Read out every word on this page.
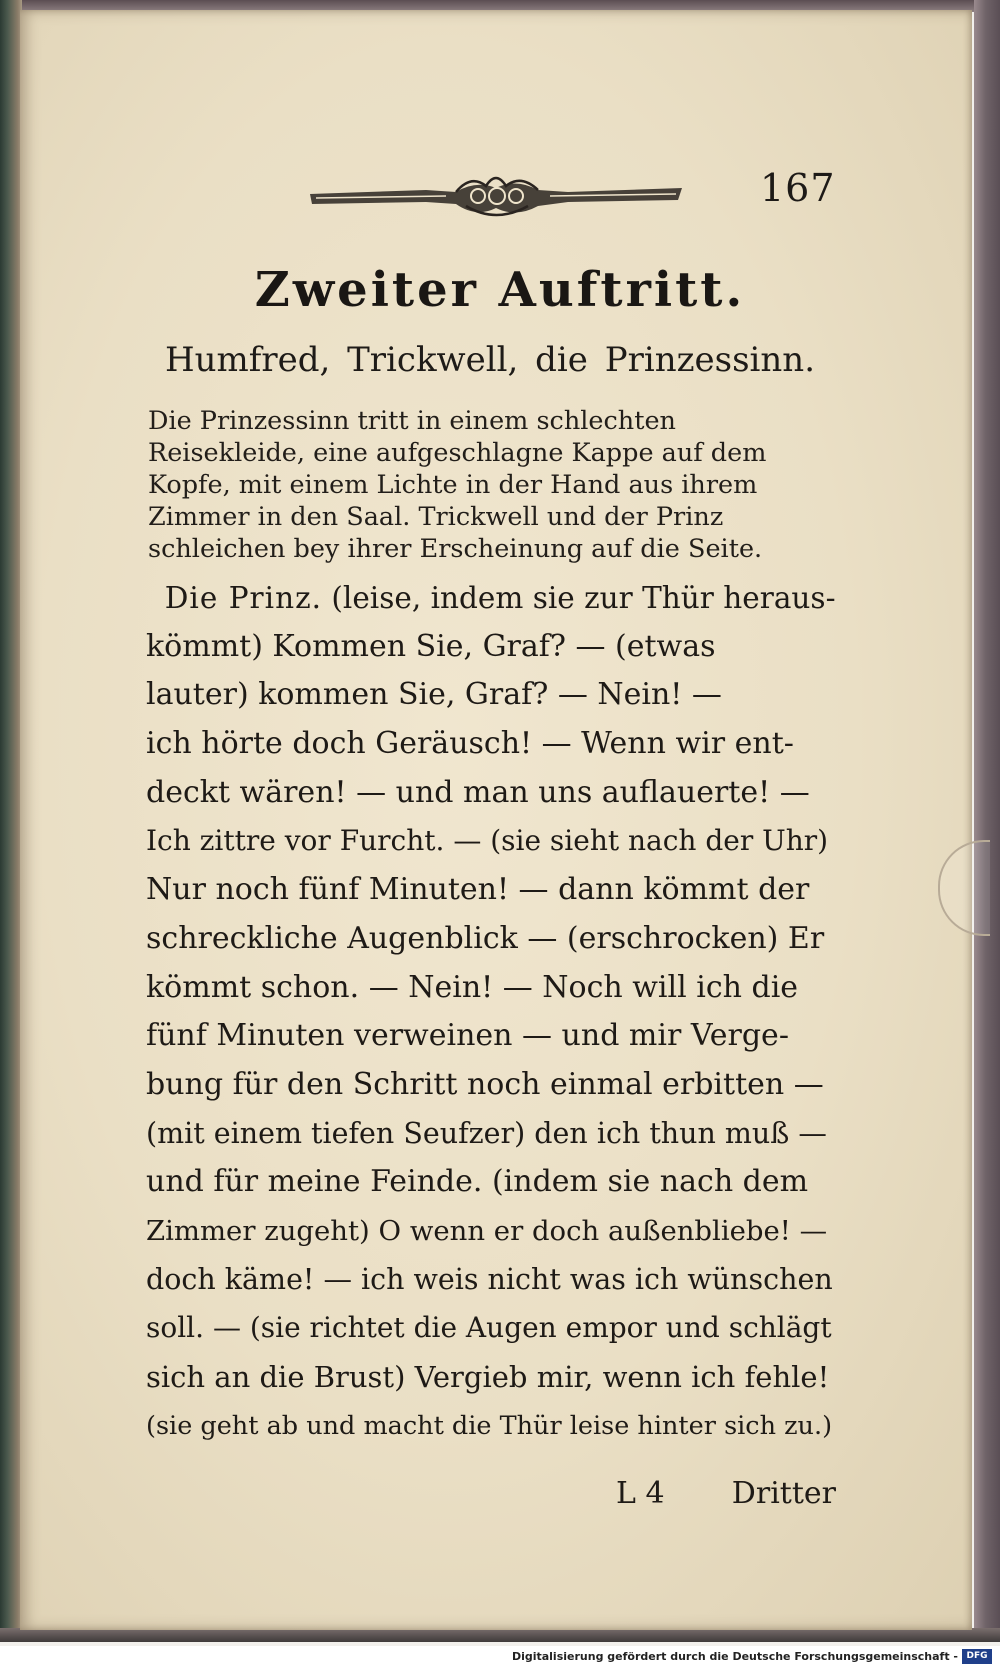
167
Zweiter Auftritt.
Humfred, Trickwell, die Prinzessinn.
Die Prinzessinn tritt in einem schlechten
Reisekleide, eine aufgeschlagne Kappe auf dem
Kopfe, mit einem Lichte in der Hand aus ihrem
Zimmer in den Saal. Trickwell und der Prinz
schleichen bey ihrer Erscheinung auf die Seite.
Die Prinz. (leise, indem sie zur Thür heraus-
kömmt) Kommen Sie, Graf? — (etwas
lauter) kommen Sie, Graf? — Nein! —
ich hörte doch Geräusch! — Wenn wir ent-
deckt wären! — und man uns auflauerte! —
Ich zittre vor Furcht. — (sie sieht nach der Uhr)
Nur noch fünf Minuten! — dann kömmt der
schreckliche Augenblick — (erschrocken) Er
kömmt schon. — Nein! — Noch will ich die
fünf Minuten verweinen — und mir Verge-
bung für den Schritt noch einmal erbitten —
(mit einem tiefen Seufzer) den ich thun muß —
und für meine Feinde. (indem sie nach dem
Zimmer zugeht) O wenn er doch außenbliebe! —
doch käme! — ich weis nicht was ich wünschen
soll. — (sie richtet die Augen empor und schlägt
sich an die Brust) Vergieb mir, wenn ich fehle!
(sie geht ab und macht die Thür leise hinter sich zu.)
L 4 Dritter
Digitalisierung gefördert durch die Deutsche Forschungsgemeinschaft - DFG
